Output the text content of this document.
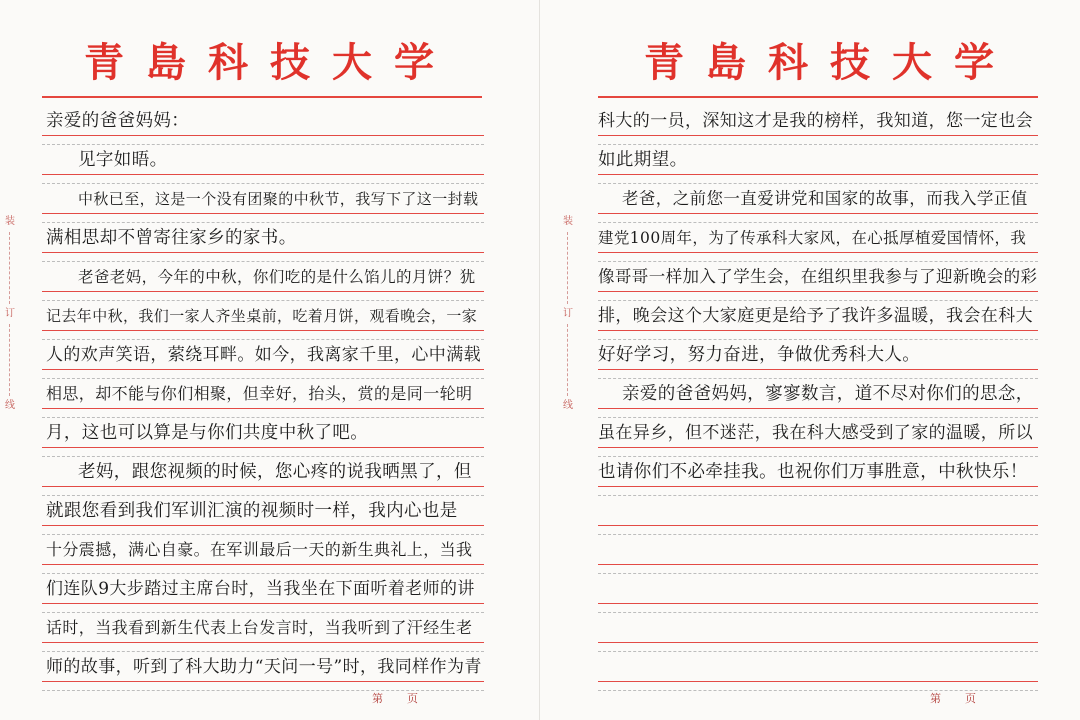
青島科技大学
亲爱的爸爸妈妈：
见字如晤。
中秋已至，这是一个没有团聚的中秋节，我写下了这一封载
满相思却不曾寄往家乡的家书。
老爸老妈，今年的中秋，你们吃的是什么馅儿的月饼？犹
记去年中秋，我们一家人齐坐桌前，吃着月饼，观看晚会，一家
人的欢声笑语，萦绕耳畔。如今，我离家千里，心中满载
相思，却不能与你们相聚，但幸好，抬头，赏的是同一轮明
月，这也可以算是与你们共度中秋了吧。
老妈，跟您视频的时候，您心疼的说我晒黑了，但
就跟您看到我们军训汇演的视频时一样，我内心也是
十分震撼，满心自豪。在军训最后一天的新生典礼上，当我
们连队9大步踏过主席台时，当我坐在下面听着老师的讲
话时，当我看到新生代表上台发言时，当我听到了汗经生老
师的故事，听到了科大助力“天问一号”时，我同样作为青
装
订
线
第页
青島科技大学
科大的一员，深知这才是我的榜样，我知道，您一定也会
如此期望。
老爸，之前您一直爱讲党和国家的故事，而我入学正值
建党100周年，为了传承科大家风，在心抵厚植爱国情怀，我
像哥哥一样加入了学生会，在组织里我参与了迎新晚会的彩
排，晚会这个大家庭更是给予了我许多温暖，我会在科大
好好学习，努力奋进，争做优秀科大人。
亲爱的爸爸妈妈，寥寥数言，道不尽对你们的思念，
虽在异乡，但不迷茫，我在科大感受到了家的温暖，所以
也请你们不必牵挂我。也祝你们万事胜意，中秋快乐！
装
订
线
第页
